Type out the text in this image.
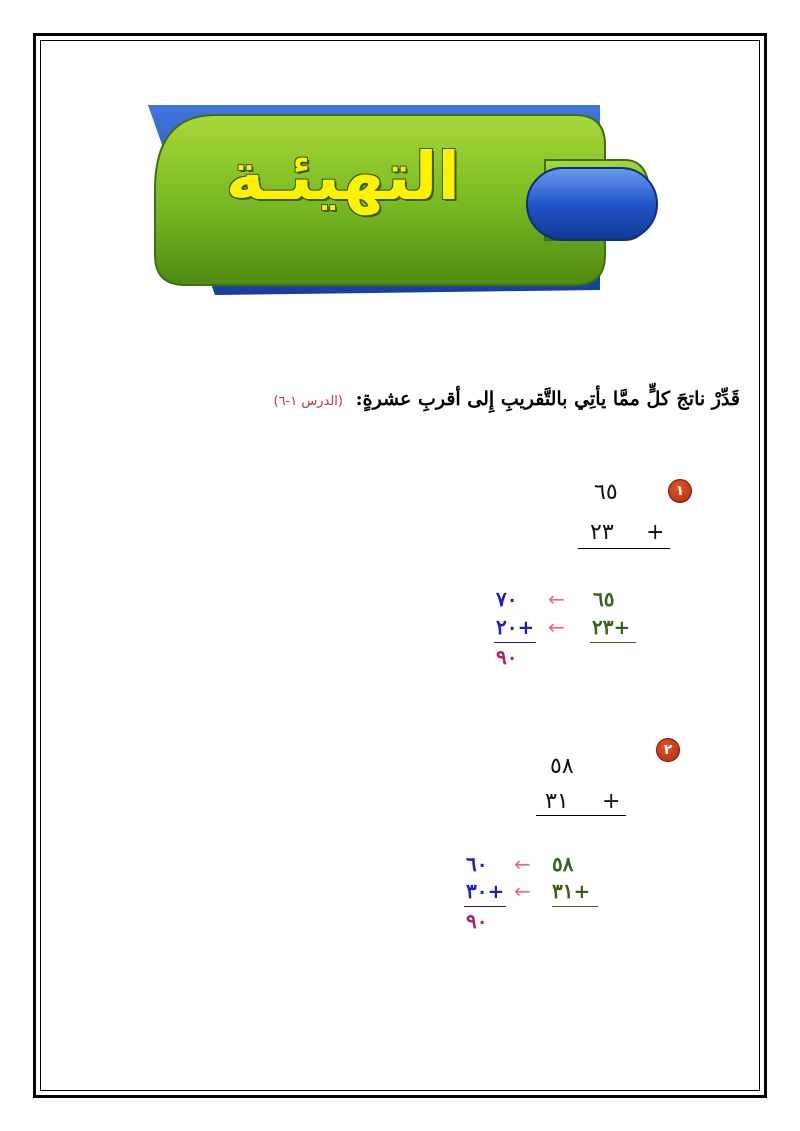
التهيئـة
قَدِّرْ ناتجَ كلٍّ ممَّا يأتِي بالتَّقريبِ إِلى أقربِ عشرةٍ: (الدرس ١-٦)
١
٦٥
٢٣ +
٦٥
←
٧٠
٢٣+
←
٢٠+
٩٠
٢
٥٨
٣١ +
٥٨
←
٦٠
٣١+
←
٣٠+
٩٠
